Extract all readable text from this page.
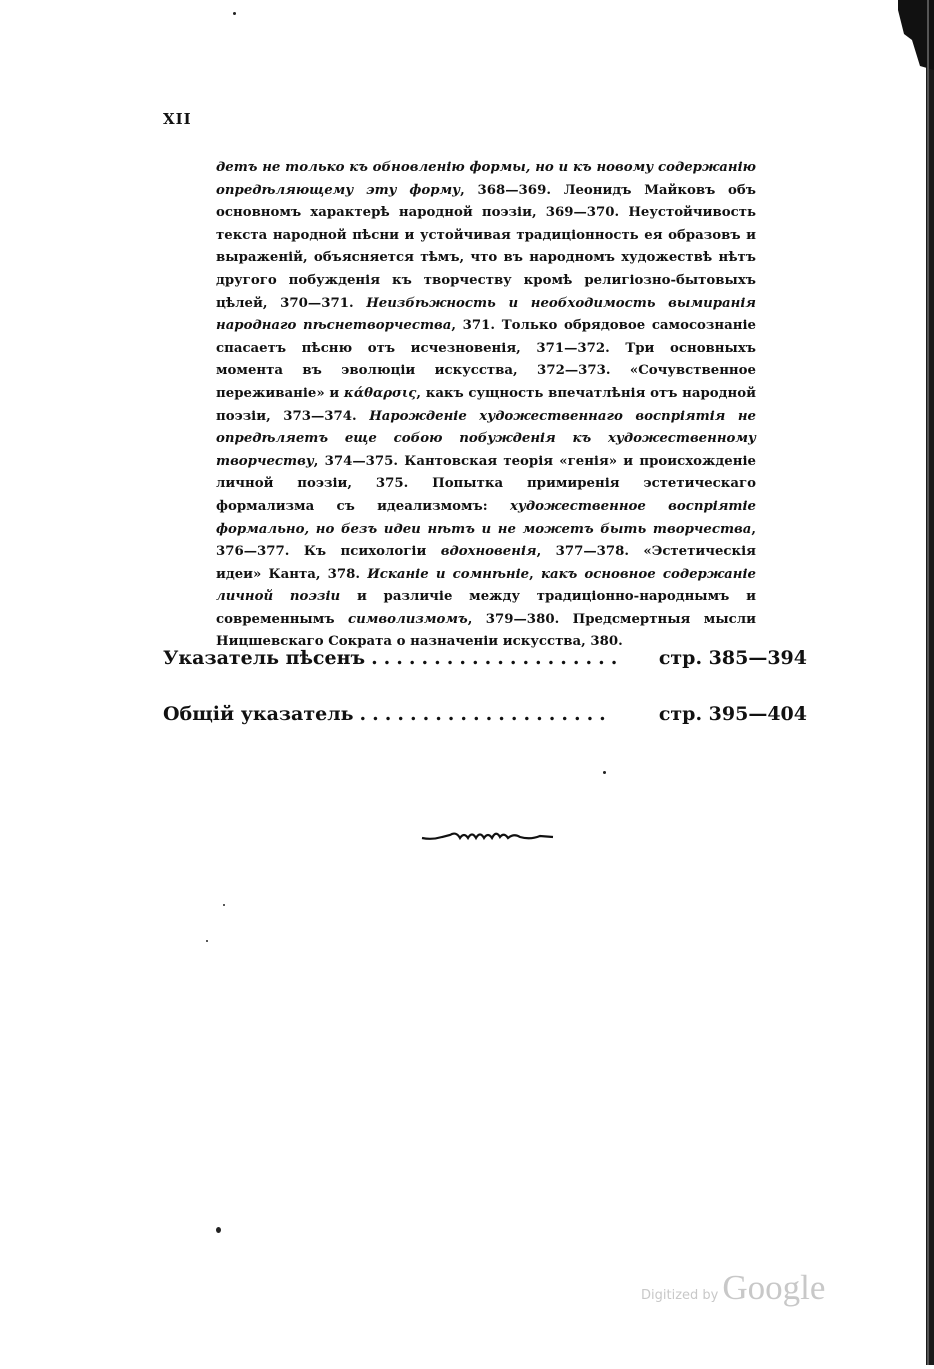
XII

детъ не только къ обновленію формы, но и къ новому содержанію опредѣляющему эту форму, 368—369. Леонидъ Майковъ объ основномъ характерѣ народной поэзіи, 369—370. Неустойчивость текста народной пѣсни и устойчивая традиціонность ея образовъ и выраженій, объясняется тѣмъ, что въ народномъ художествѣ нѣтъ другого побужденія къ творчеству кромѣ религіозно-бытовыхъ цѣлей, 370—371. Неизбѣжность и необходимость вымиранія народнаго пѣснетворчества, 371. Только обрядовое самосознаніе спасаетъ пѣсню отъ исчезновенія, 371—372. Три основныхъ момента въ эволюціи искусства, 372—373. «Сочувственное переживаніе» и κάθαρσις, какъ сущность впечатлѣнія отъ народной поэзіи, 373—374. Нарожденіе художественнаго воспріятія не опредѣляетъ еще собою побужденія къ художественному творчеству, 374—375. Кантовская теорія «генія» и происхожденіе личной поэзіи, 375. Попытка примиренія эстетическаго формализма съ идеализмомъ: художественное воспріятіе формально, но безъ идеи нѣтъ и не можетъ быть творчества, 376—377. Къ психологіи вдохновенія, 377—378. «Эстетическія идеи» Канта, 378. Исканіе и сомнѣніе, какъ основное содержаніе личной поэзіи и различіе между традиціонно-народнымъ и современнымъ символизмомъ, 379—380. Предсмертныя мысли Ницшевскаго Сократа о назначеніи искусства, 380.

Указатель пѣсенъ ....................	стр. 385—394
Общій указатель ....................	стр. 395—404
Digitized by Google
